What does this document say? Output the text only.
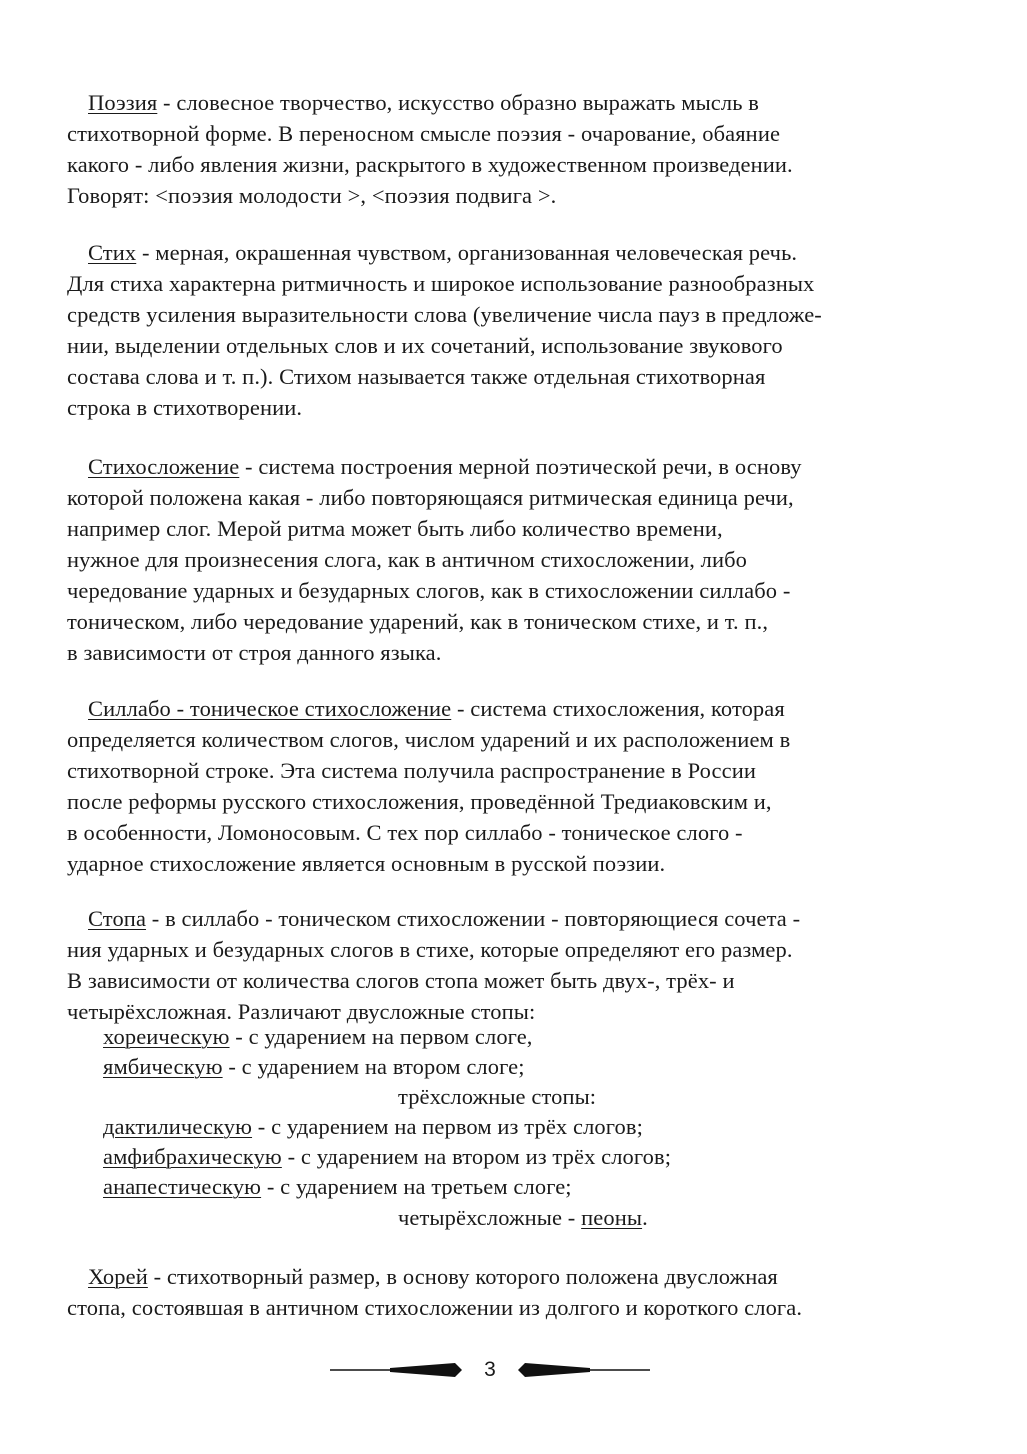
Поэзия - словесное творчество, искусство образно выражать мысль в
стихотворной форме. В переносном смысле поэзия - очарование, обаяние
какого - либо явления жизни, раскрытого в художественном произведении.
Говорят: <поэзия молодости >, <поэзия подвига >.
Стих - мерная, окрашенная чувством, организованная человеческая речь.
Для стиха характерна ритмичность и широкое использование разнообразных
средств усиления выразительности слова (увеличение числа пауз в предложе-
нии, выделении отдельных слов и их сочетаний, использование звукового
состава слова и т. п.). Стихом называется также отдельная стихотворная
строка в стихотворении.
Стихосложение - система построения мерной поэтической речи, в основу
которой положена какая - либо повторяющаяся ритмическая единица речи,
например слог. Мерой ритма может быть либо количество времени,
нужное для произнесения слога, как в античном стихосложении, либо
чередование ударных и безударных слогов, как в стихосложении силлабо -
тоническом, либо чередование ударений, как в тоническом стихе, и т. п.,
в зависимости от строя данного языка.
Силлабо - тоническое стихосложение - система стихосложения, которая
определяется количеством слогов, числом ударений и их расположением в
стихотворной строке. Эта система получила распространение в России
после реформы русского стихосложения, проведённой Тредиаковским и,
в особенности, Ломоносовым. С тех пор силлабо - тоническое слого -
ударное стихосложение является основным в русской поэзии.
Стопа - в силлабо - тоническом стихосложении - повторяющиеся сочета -
ния ударных и безударных слогов в стихе, которые определяют его размер.
В зависимости от количества слогов стопа может быть двух-, трёх- и
четырёхсложная. Различают двусложные стопы:
хореическую - с ударением на первом слоге,
ямбическую - с ударением на втором слоге;
трёхсложные стопы:
дактилическую - с ударением на первом из трёх слогов;
амфибрахическую - с ударением на втором из трёх слогов;
анапестическую - с ударением на третьем слоге;
четырёхсложные - пеоны.
Хорей - стихотворный размер, в основу которого положена двусложная
стопа, состоявшая в античном стихосложении из долгого и короткого слога.
3
